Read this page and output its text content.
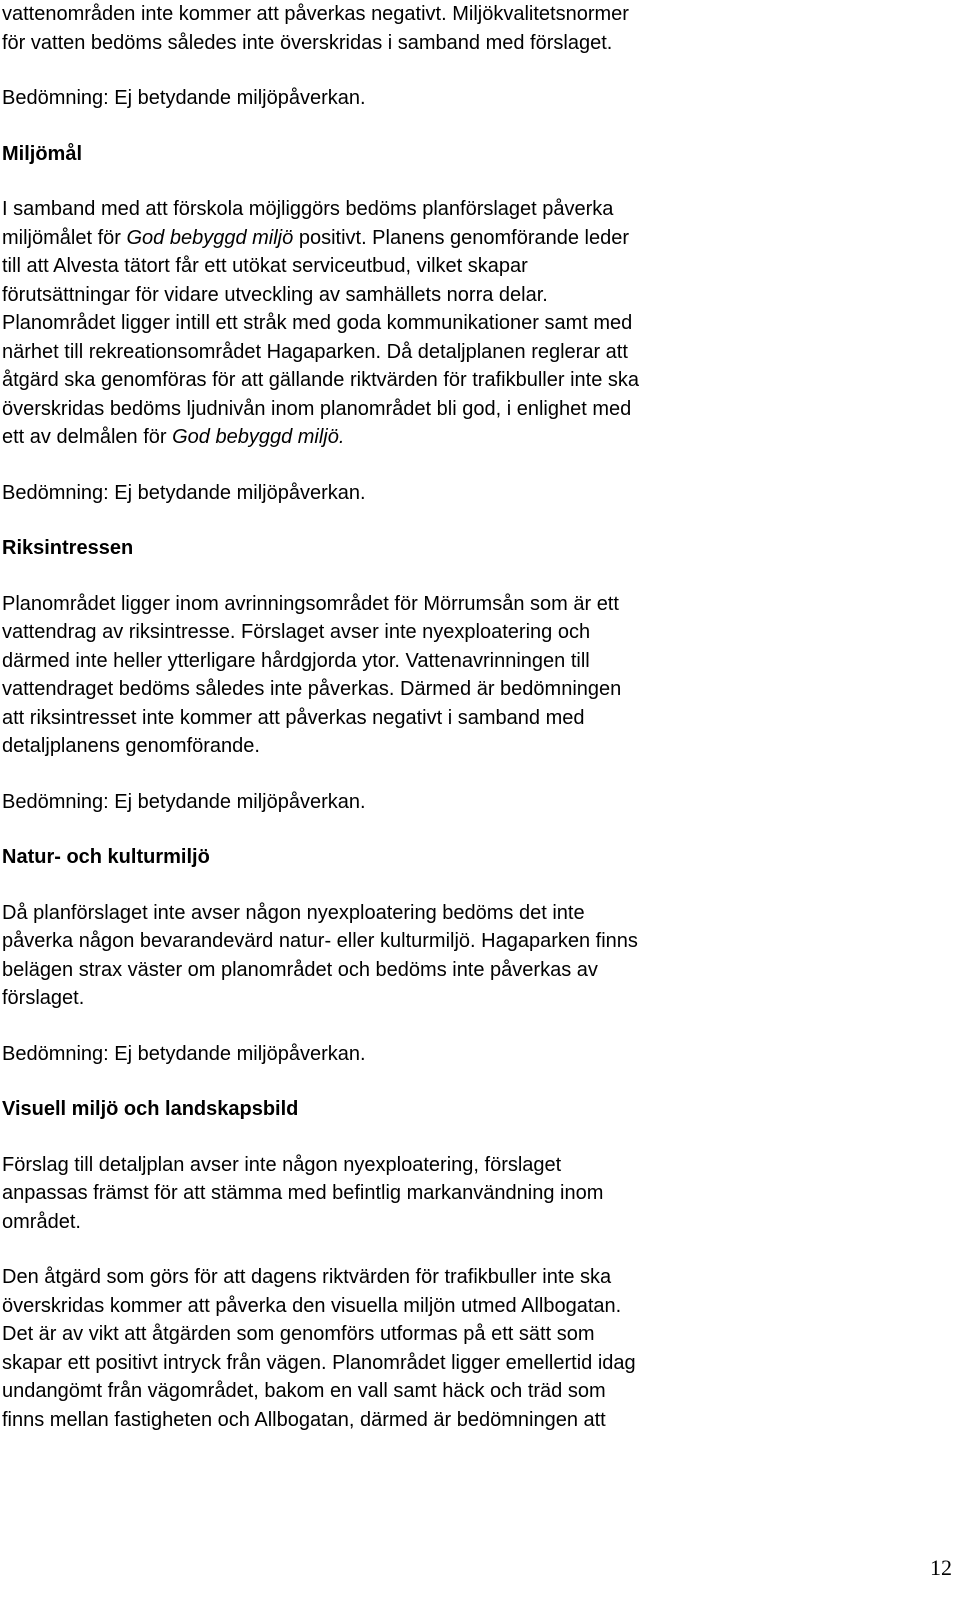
vattenområden inte kommer att påverkas negativt. Miljökvalitetsnormer
för vatten bedöms således inte överskridas i samband med förslaget.

Bedömning: Ej betydande miljöpåverkan.

Miljömål

I samband med att förskola möjliggörs bedöms planförslaget påverka
miljömålet för God bebyggd miljö positivt. Planens genomförande leder
till att Alvesta tätort får ett utökat serviceutbud, vilket skapar
förutsättningar för vidare utveckling av samhällets norra delar.
Planområdet ligger intill ett stråk med goda kommunikationer samt med
närhet till rekreationsområdet Hagaparken. Då detaljplanen reglerar att
åtgärd ska genomföras för att gällande riktvärden för trafikbuller inte ska
överskridas bedöms ljudnivån inom planområdet bli god, i enlighet med
ett av delmålen för God bebyggd miljö.

Bedömning: Ej betydande miljöpåverkan.

Riksintressen

Planområdet ligger inom avrinningsområdet för Mörrumsån som är ett
vattendrag av riksintresse. Förslaget avser inte nyexploatering och
därmed inte heller ytterligare hårdgjorda ytor. Vattenavrinningen till
vattendraget bedöms således inte påverkas. Därmed är bedömningen
att riksintresset inte kommer att påverkas negativt i samband med
detaljplanens genomförande.

Bedömning: Ej betydande miljöpåverkan.

Natur- och kulturmiljö

Då planförslaget inte avser någon nyexploatering bedöms det inte
påverka någon bevarandevärd natur- eller kulturmiljö. Hagaparken finns
belägen strax väster om planområdet och bedöms inte påverkas av
förslaget.

Bedömning: Ej betydande miljöpåverkan.

Visuell miljö och landskapsbild

Förslag till detaljplan avser inte någon nyexploatering, förslaget
anpassas främst för att stämma med befintlig markanvändning inom
området.

Den åtgärd som görs för att dagens riktvärden för trafikbuller inte ska
överskridas kommer att påverka den visuella miljön utmed Allbogatan.
Det är av vikt att åtgärden som genomförs utformas på ett sätt som
skapar ett positivt intryck från vägen. Planområdet ligger emellertid idag
undangömt från vägområdet, bakom en vall samt häck och träd som
finns mellan fastigheten och Allbogatan, därmed är bedömningen att

12
